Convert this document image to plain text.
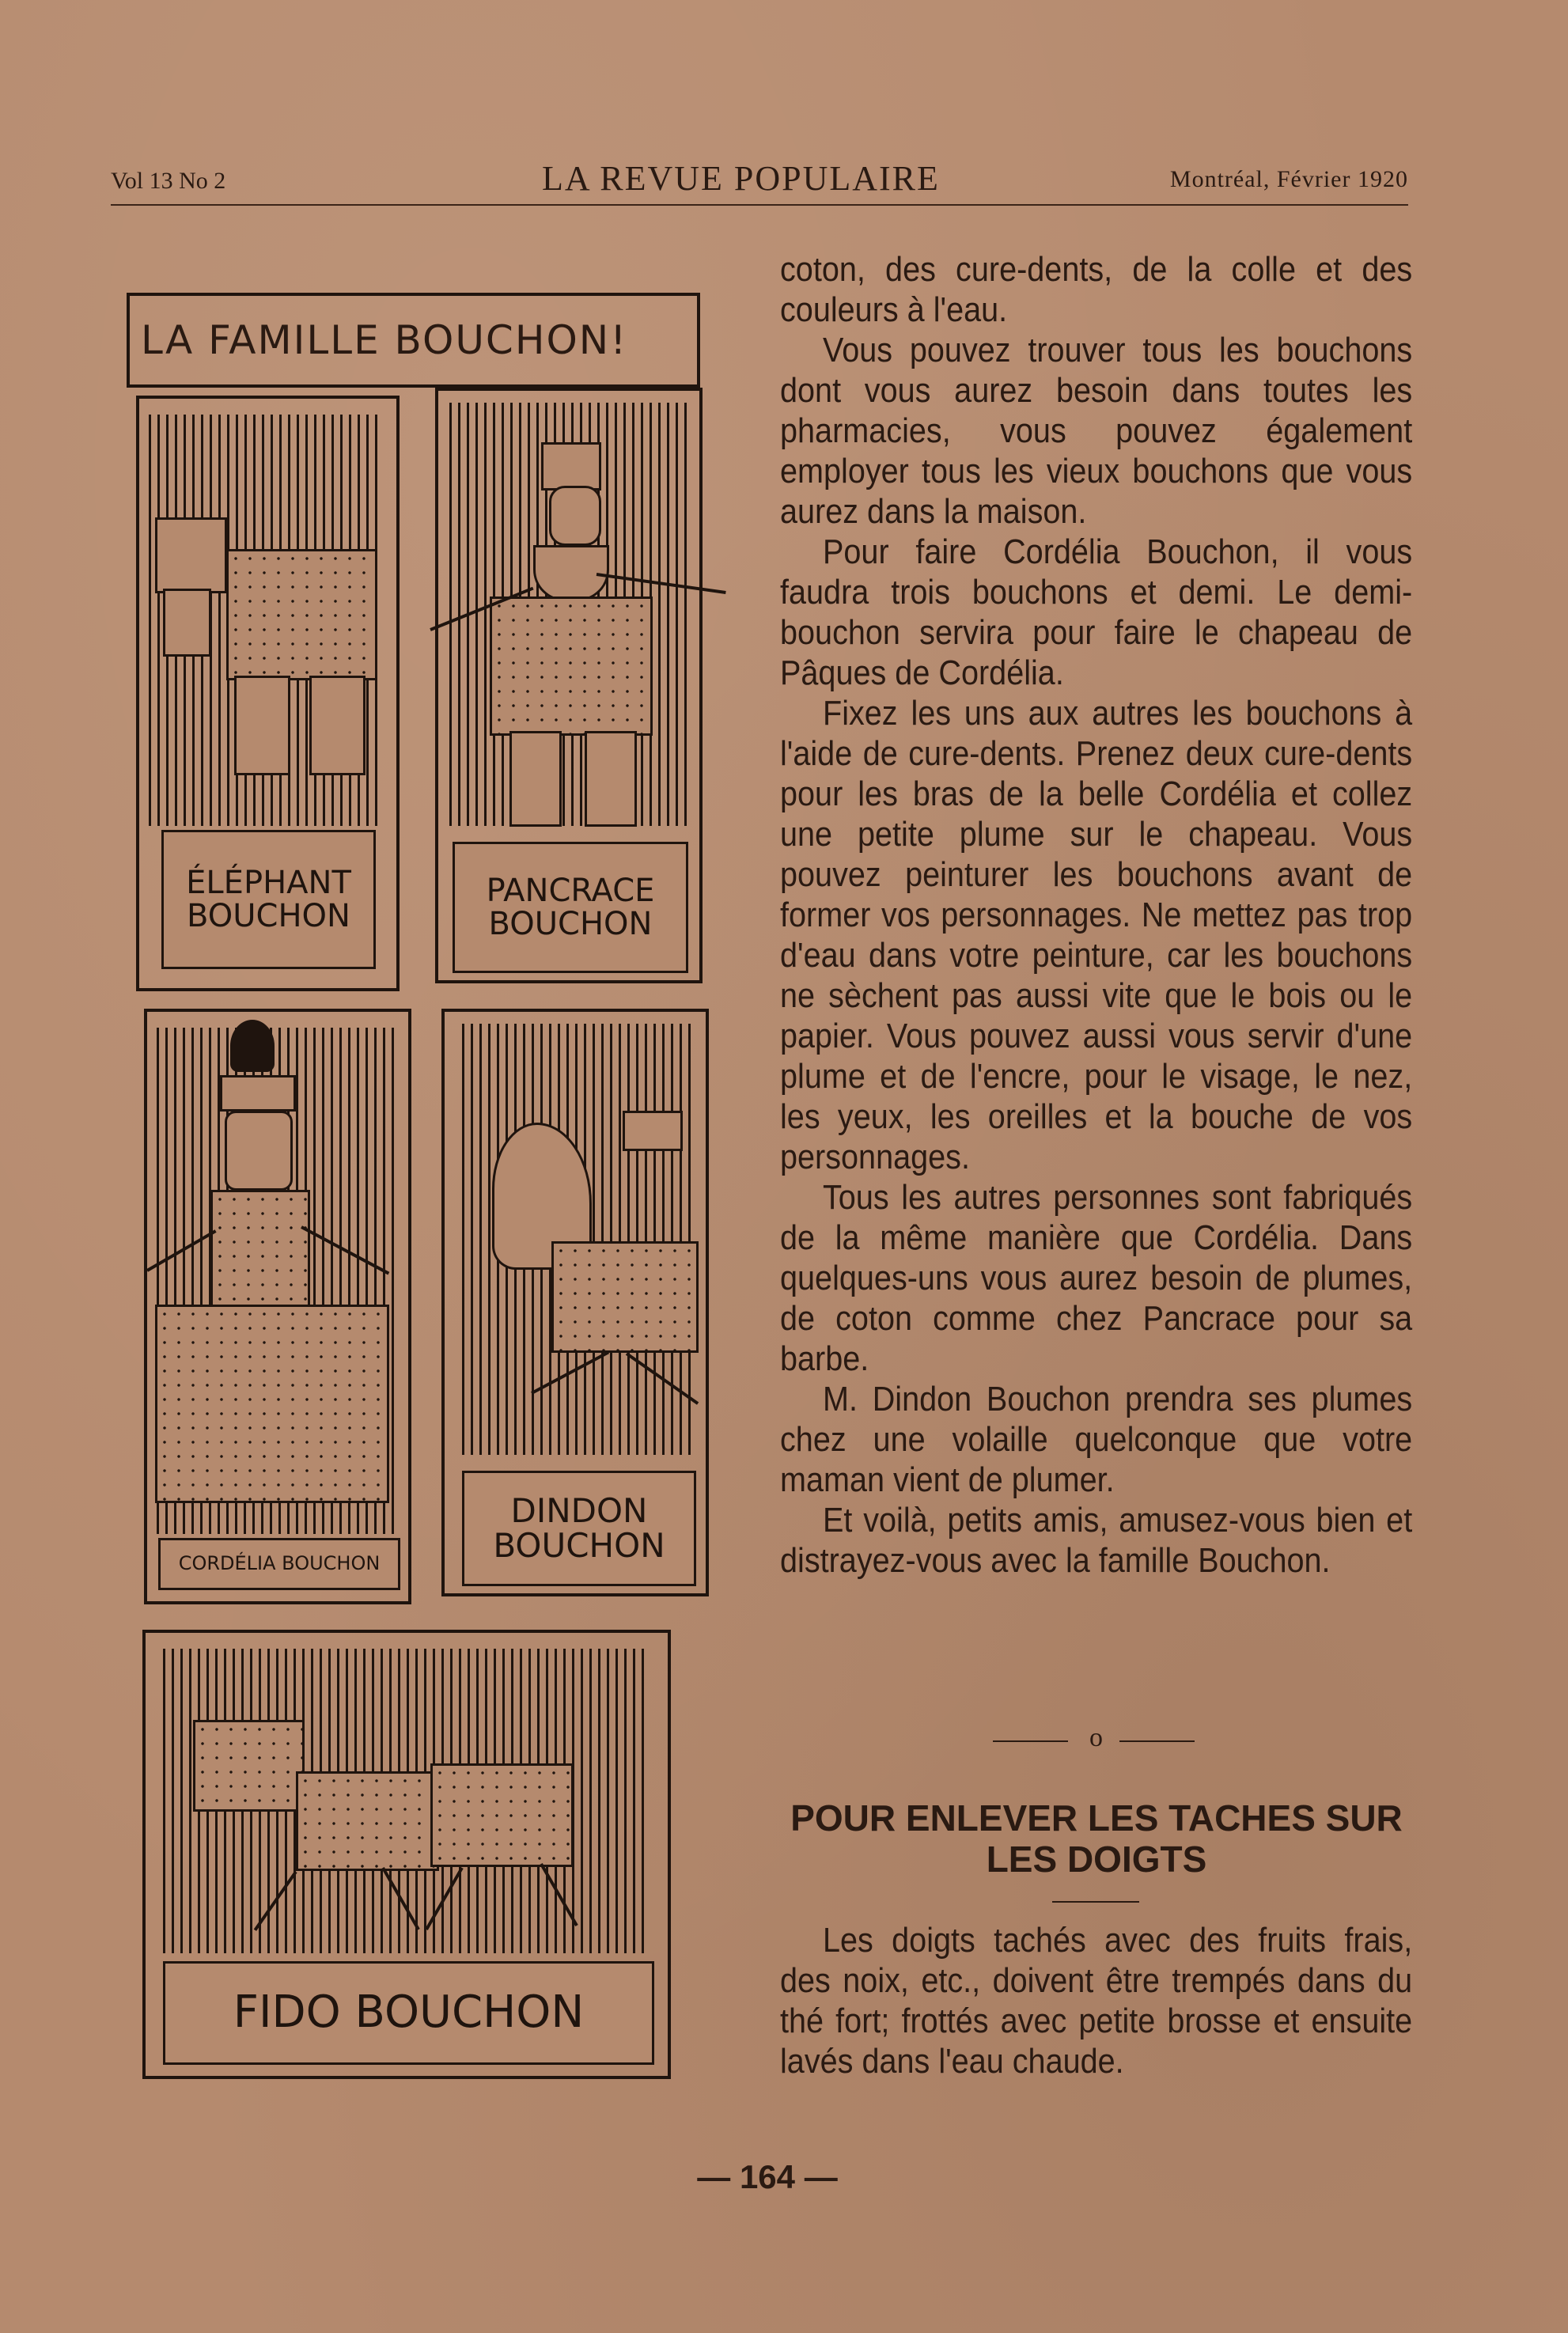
Vol 13 No 2	LA REVUE POPULAIRE	Montréal, Février 1920
LA FAMILLE BOUCHON!
ÉLÉPHANT
BOUCHON
PANCRACE
BOUCHON
CORDÉLIA BOUCHON
DINDON
BOUCHON
FIDO BOUCHON

coton, des cure-dents, de la colle et des couleurs à l'eau.

Vous pouvez trouver tous les bouchons dont vous aurez besoin dans toutes les pharmacies, vous pouvez également employer tous les vieux bouchons que vous aurez dans la maison.

Pour faire Cordélia Bouchon, il vous faudra trois bouchons et demi. Le demi-bouchon servira pour faire le chapeau de Pâques de Cordélia.

Fixez les uns aux autres les bouchons à l'aide de cure-dents. Prenez deux cure-dents pour les bras de la belle Cordélia et collez une petite plume sur le chapeau. Vous pouvez peinturer les bouchons avant de former vos personnages. Ne mettez pas trop d'eau dans votre peinture, car les bouchons ne sèchent pas aussi vite que le bois ou le papier. Vous pouvez aussi vous servir d'une plume et de l'encre, pour le visage, le nez, les yeux, les oreilles et la bouche de vos personnages.

Tous les autres personnes sont fabriqués de la même manière que Cordélia. Dans quelques-uns vous aurez besoin de plumes, de coton comme chez Pancrace pour sa barbe.

M. Dindon Bouchon prendra ses plumes chez une volaille quelconque que votre maman vient de plumer.

Et voilà, petits amis, amusez-vous bien et distrayez-vous avec la famille Bouchon.

o
POUR ENLEVER LES TACHES SUR LES DOIGTS

Les doigts tachés avec des fruits frais, des noix, etc., doivent être trempés dans du thé fort; frottés avec petite brosse et ensuite lavés dans l'eau chaude.

— 164 —
